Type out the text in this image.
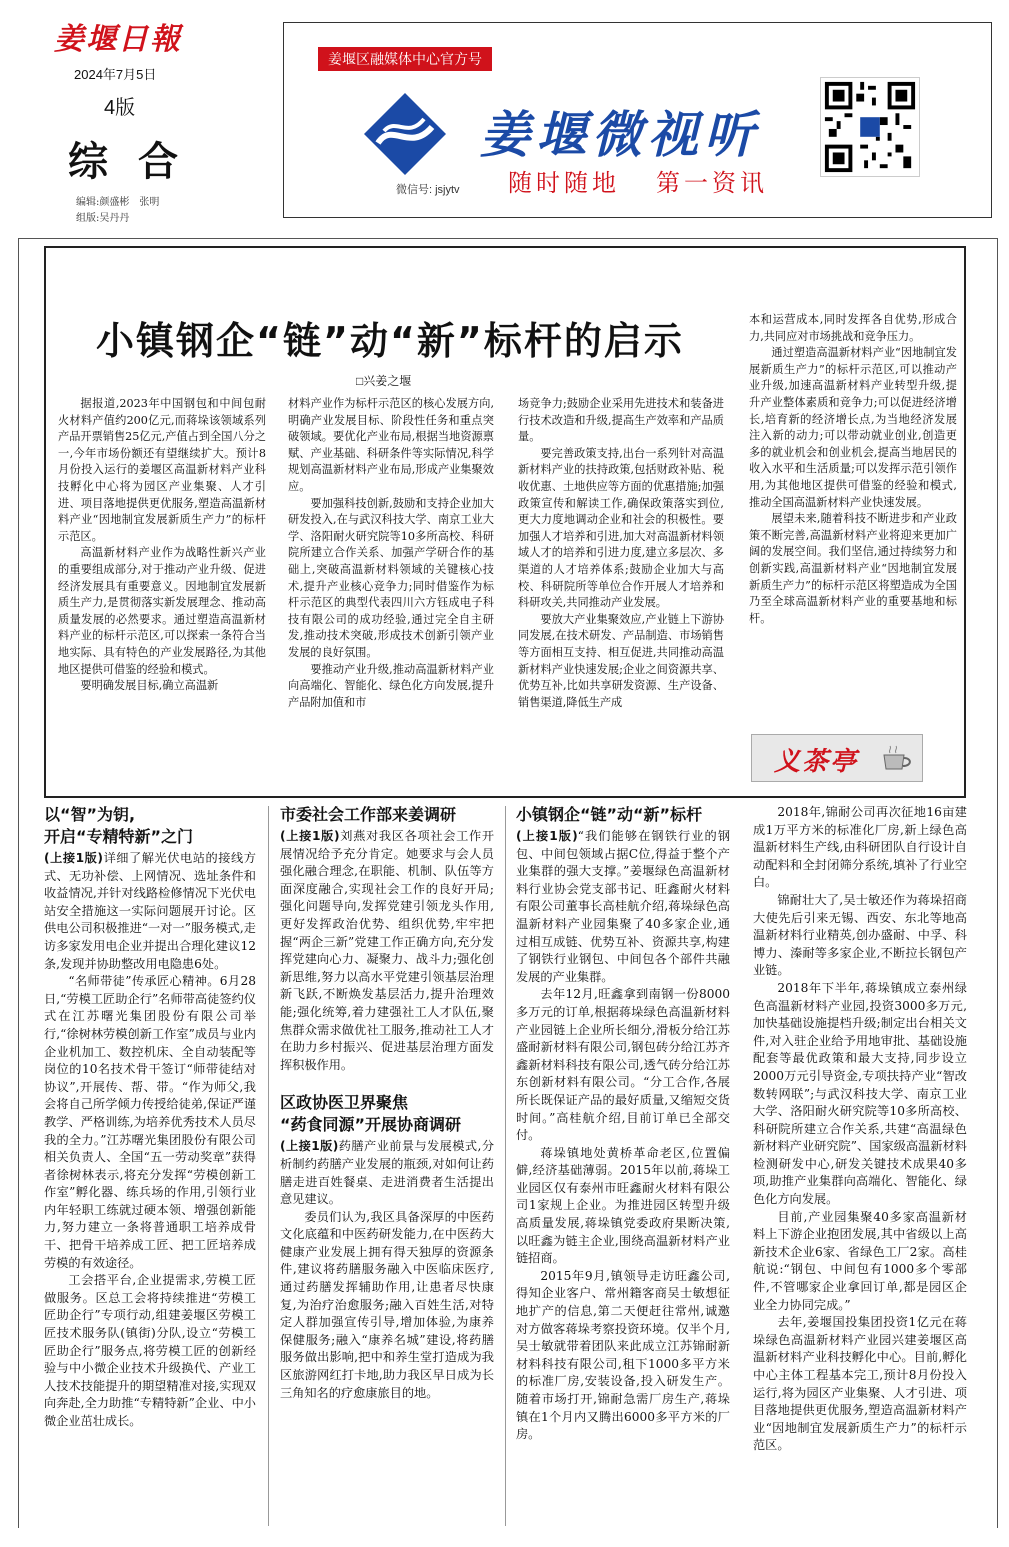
姜堰日報
2024年7月5日
4版
综合
编辑:颜盛彬　张明
组版:吴丹丹
姜堰区融媒体中心官方号
姜堰微视听
微信号: jsjytv 随时随地 第一资讯
小镇钢企“链”动“新”标杆的启示
□兴姜之堰

据报道,2023年中国钢包和中间包耐火材料产值约200亿元,而蒋垛该领域系列产品开票销售25亿元,产值占到全国八分之一,今年市场份额还有望继续扩大。预计8月份投入运行的姜堰区高温新材料产业科技孵化中心将为园区产业集聚、人才引进、项目落地提供更优服务,塑造高温新材料产业“因地制宜发展新质生产力”的标杆示范区。

高温新材料产业作为战略性新兴产业的重要组成部分,对于推动产业升级、促进经济发展具有重要意义。因地制宜发展新质生产力,是贯彻落实新发展理念、推动高质量发展的必然要求。通过塑造高温新材料产业的标杆示范区,可以探索一条符合当地实际、具有特色的产业发展路径,为其他地区提供可借鉴的经验和模式。

要明确发展目标,确立高温新

材料产业作为标杆示范区的核心发展方向,明确产业发展目标、阶段性任务和重点突破领域。要优化产业布局,根据当地资源禀赋、产业基础、科研条件等实际情况,科学规划高温新材料产业布局,形成产业集聚效应。

要加强科技创新,鼓励和支持企业加大研发投入,在与武汉科技大学、南京工业大学、洛阳耐火研究院等10多所高校、科研院所建立合作关系、加强产学研合作的基础上,突破高温新材料领域的关键核心技术,提升产业核心竞争力;同时借鉴作为标杆示范区的典型代表四川六方钰成电子科技有限公司的成功经验,通过完全自主研发,推动技术突破,形成技术创新引领产业发展的良好氛围。

要推动产业升级,推动高温新材料产业向高端化、智能化、绿色化方向发展,提升产品附加值和市

场竞争力;鼓励企业采用先进技术和装备进行技术改造和升级,提高生产效率和产品质量。

要完善政策支持,出台一系列针对高温新材料产业的扶持政策,包括财政补贴、税收优惠、土地供应等方面的优惠措施;加强政策宣传和解读工作,确保政策落实到位,更大力度地调动企业和社会的积极性。要加强人才培养和引进,加大对高温新材料领域人才的培养和引进力度,建立多层次、多渠道的人才培养体系;鼓励企业加大与高校、科研院所等单位合作开展人才培养和科研攻关,共同推动产业发展。

要放大产业集聚效应,产业链上下游协同发展,在技术研发、产品制造、市场销售等方面相互支持、相互促进,共同推动高温新材料产业快速发展;企业之间资源共享、优势互补,比如共享研发资源、生产设备、销售渠道,降低生产成

本和运营成本,同时发挥各自优势,形成合力,共同应对市场挑战和竞争压力。

通过塑造高温新材料产业“因地制宜发展新质生产力”的标杆示范区,可以推动产业升级,加速高温新材料产业转型升级,提升产业整体素质和竞争力;可以促进经济增长,培育新的经济增长点,为当地经济发展注入新的动力;可以带动就业创业,创造更多的就业机会和创业机会,提高当地居民的收入水平和生活质量;可以发挥示范引领作用,为其他地区提供可借鉴的经验和模式,推动全国高温新材料产业快速发展。

展望未来,随着科技不断进步和产业政策不断完善,高温新材料产业将迎来更加广阔的发展空间。我们坚信,通过持续努力和创新实践,高温新材料产业“因地制宜发展新质生产力”的标杆示范区将塑造成为全国乃至全球高温新材料产业的重要基地和标杆。

义茶亭
以“智”为钥,
开启“专精特新”之门

(上接1版)详细了解光伏电站的接线方式、无功补偿、上网情况、选址条件和收益情况,并针对线路检修情况下光伏电站安全措施这一实际问题展开讨论。区供电公司积极推进“一对一”服务模式,走访多家发用电企业并提出合理化建议12条,发现并协助整改用电隐患6处。

“名师带徒”传承匠心精神。6月28日,“劳模工匠助企行”名师带高徒签约仪式在江苏曙光集团股份有限公司举行,“徐树林劳模创新工作室”成员与业内企业机加工、数控机床、全自动装配等岗位的10名技术骨干签订“师带徒结对协议”,开展传、帮、带。“作为师父,我会将自己所学倾力传授给徒弟,保证严谨教学、严格训练,为培养优秀技术人员尽我的全力。”江苏曙光集团股份有限公司相关负责人、全国“五一劳动奖章”获得者徐树林表示,将充分发挥“劳模创新工作室”孵化器、练兵场的作用,引领行业内年轻职工练就过硬本领、增强创新能力,努力建立一条将普通职工培养成骨干、把骨干培养成工匠、把工匠培养成劳模的有效途径。

工会搭平台,企业提需求,劳模工匠做服务。区总工会将持续推进“劳模工匠助企行”专项行动,组建姜堰区劳模工匠技术服务队(镇街)分队,设立“劳模工匠助企行”服务点,将劳模工匠的创新经验与中小微企业技术升级换代、产业工人技术技能提升的期望精准对接,实现双向奔赴,全力助推“专精特新”企业、中小微企业茁壮成长。

市委社会工作部来姜调研

(上接1版)刘燕对我区各项社会工作开展情况给予充分肯定。她要求与会人员强化融合理念,在职能、机制、队伍等方面深度融合,实现社会工作的良好开局;强化问题导向,发挥党建引领龙头作用,更好发挥政治优势、组织优势,牢牢把握“两企三新”党建工作正确方向,充分发挥党建向心力、凝聚力、战斗力;强化创新思维,努力以高水平党建引领基层治理新飞跃,不断焕发基层活力,提升治理效能;强化统筹,着力建强社工人才队伍,聚焦群众需求做优社工服务,推动社工人才在助力乡村振兴、促进基层治理方面发挥积极作用。

区政协医卫界聚焦
“药食同源”开展协商调研

(上接1版)药膳产业前景与发展模式,分析制约药膳产业发展的瓶颈,对如何让药膳走进百姓餐桌、走进消费者生活提出意见建议。

委员们认为,我区具备深厚的中医药文化底蕴和中医药研发能力,在中医药大健康产业发展上拥有得天独厚的资源条件,建议将药膳服务融入中医临床医疗,通过药膳发挥辅助作用,让患者尽快康复,为治疗治愈服务;融入百姓生活,对特定人群加强宣传引导,增加体验,为康养保健服务;融入“康养名城”建设,将药膳服务做出影响,把中和养生堂打造成为我区旅游网红打卡地,助力我区早日成为长三角知名的疗愈康旅目的地。

小镇钢企“链”动“新”标杆

(上接1版)“我们能够在钢铁行业的钢包、中间包领域占据C位,得益于整个产业集群的强大支撑。”姜堰绿色高温新材料行业协会党支部书记、旺鑫耐火材料有限公司董事长高桂航介绍,蒋垛绿色高温新材料产业园集聚了40多家企业,通过相互成链、优势互补、资源共享,构建了钢铁行业钢包、中间包各个部件共融发展的产业集群。

去年12月,旺鑫拿到南钢一份8000多万元的订单,根据蒋垛绿色高温新材料产业园链上企业所长细分,滑板分给江苏盛耐新材料有限公司,钢包砖分给江苏齐鑫新材料科技有限公司,透气砖分给江苏东创新材料有限公司。“分工合作,各展所长既保证产品的最好质量,又缩短交货时间。”高桂航介绍,目前订单已全部交付。

蒋垛镇地处黄桥革命老区,位置偏僻,经济基础薄弱。2015年以前,蒋垛工业园区仅有泰州市旺鑫耐火材料有限公司1家规上企业。为推进园区转型升级高质量发展,蒋垛镇党委政府果断决策,以旺鑫为链主企业,围绕高温新材料产业链招商。

2015年9月,镇领导走访旺鑫公司,得知企业客户、常州籍客商吴士敏想征地扩产的信息,第二天便赶往常州,诚邀对方做客蒋垛考察投资环境。仅半个月,吴士敏就带着团队来此成立江苏锦耐新材料科技有限公司,租下1000多平方米的标准厂房,安装设备,投入研发生产。随着市场打开,锦耐急需厂房生产,蒋垛镇在1个月内又腾出6000多平方米的厂房。

2018年,锦耐公司再次征地16亩建成1万平方米的标准化厂房,新上绿色高温新材料生产线,由科研团队自行设计自动配料和全封闭筛分系统,填补了行业空白。

锦耐壮大了,吴士敏还作为蒋垛招商大使先后引来无锡、西安、东北等地高温新材料行业精英,创办盛耐、中孚、科博力、溱耐等多家企业,不断拉长钢包产业链。

2018年下半年,蒋垛镇成立泰州绿色高温新材料产业园,投资3000多万元,加快基础设施提档升级;制定出台相关文件,对入驻企业给予用地审批、基础设施配套等最优政策和最大支持,同步设立2000万元引导资金,专项扶持产业“智改数转网联”;与武汉科技大学、南京工业大学、洛阳耐火研究院等10多所高校、科研院所建立合作关系,共建“高温绿色新材料产业研究院”、国家级高温新材料检测研发中心,研发关键技术成果40多项,助推产业集群向高端化、智能化、绿色化方向发展。

目前,产业园集聚40多家高温新材料上下游企业抱团发展,其中省级以上高新技术企业6家、省绿色工厂2家。高桂航说:“钢包、中间包有1000多个零部件,不管哪家企业拿回订单,都是园区企业全力协同完成。”

去年,姜堰国投集团投资1亿元在蒋垛绿色高温新材料产业园兴建姜堰区高温新材料产业科技孵化中心。目前,孵化中心主体工程基本完工,预计8月份投入运行,将为园区产业集聚、人才引进、项目落地提供更优服务,塑造高温新材料产业“因地制宜发展新质生产力”的标杆示范区。
